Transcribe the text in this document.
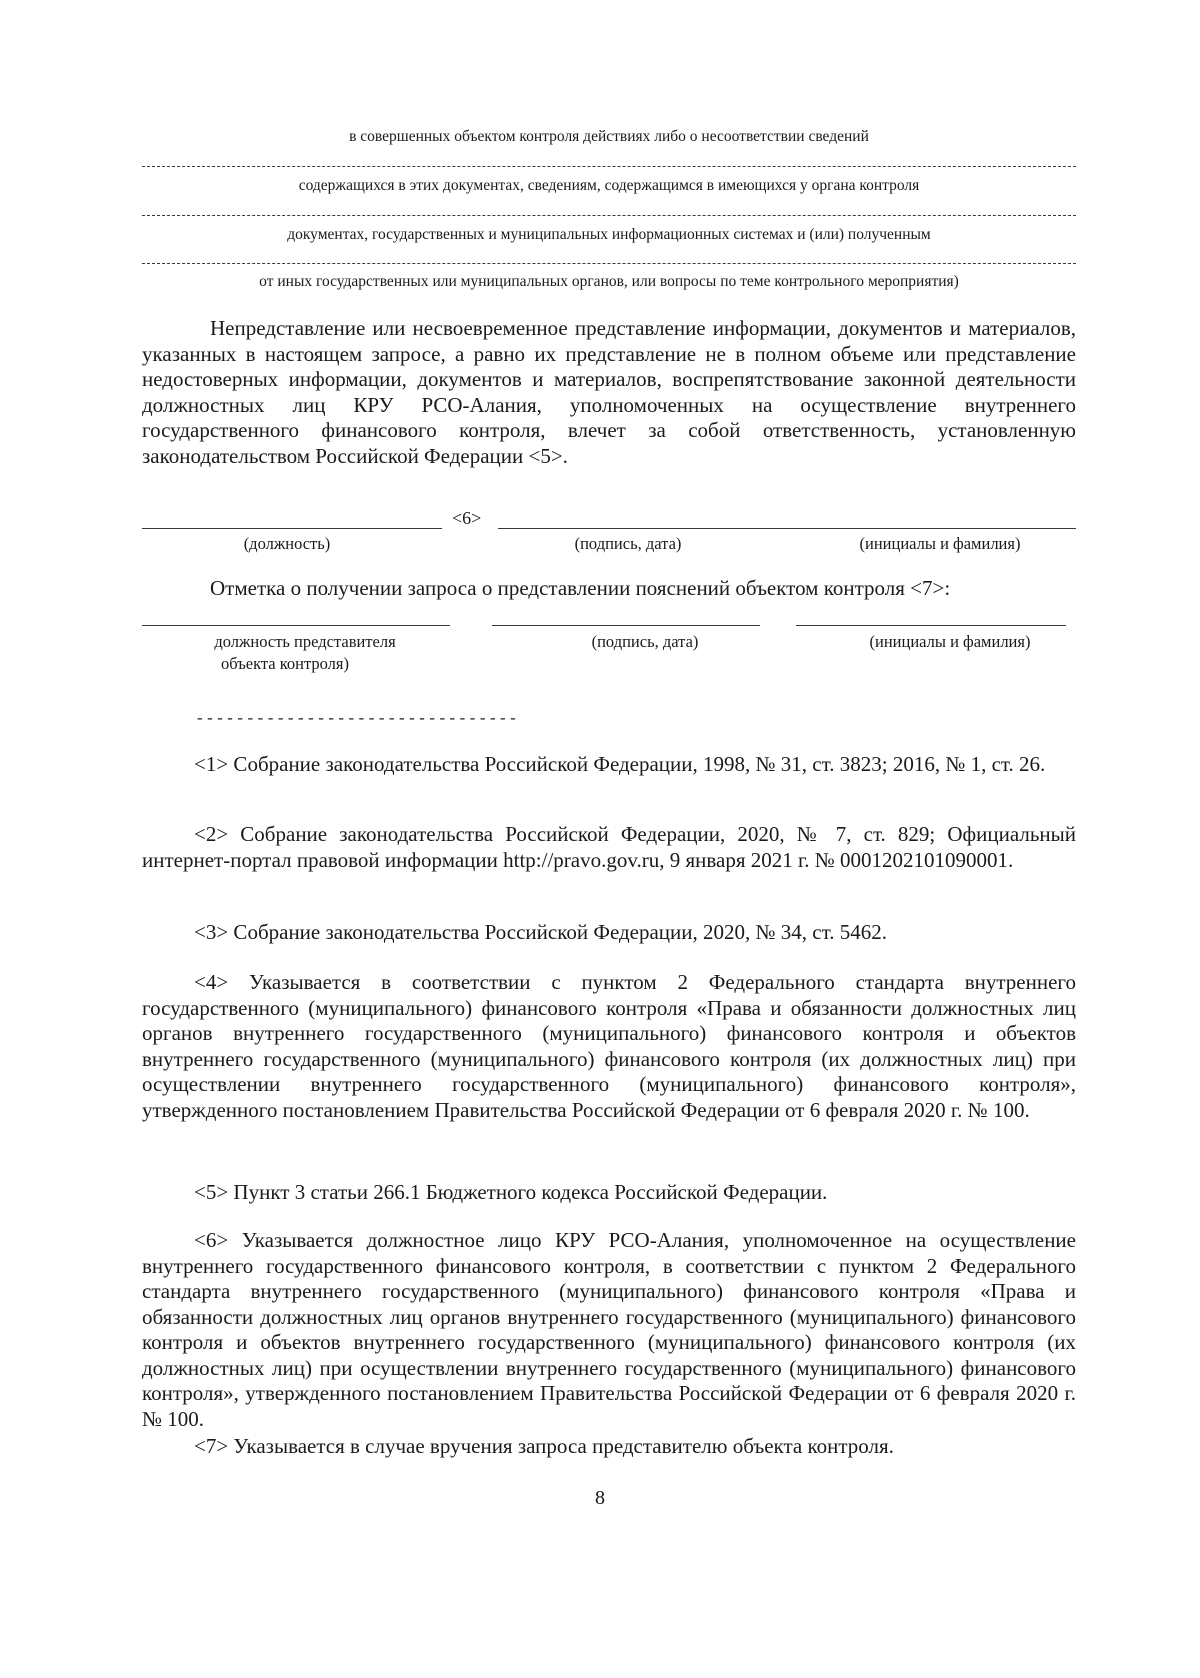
в совершенных объектом контроля действиях либо о несоответствии сведений
содержащихся в этих документах, сведениям, содержащимся в имеющихся у органа контроля
документах, государственных и муниципальных информационных системах и (или) полученным
от иных государственных или муниципальных органов, или вопросы по теме контрольного мероприятия)

Непредставление или несвоевременное представление информации, документов и материалов, указанных в настоящем запросе, а равно их представление не в полном объеме или представление недостоверных информации, документов и материалов, воспрепятствование законной деятельности должностных лиц КРУ РСО-Алания, уполномоченных на осуществление внутреннего государственного финансового контроля, влечет за собой ответственность, установленную законодательством Российской Федерации <5>.

<6>
(должность)	(подпись, дата)	(инициалы и фамилия)

Отметка о получении запроса о представлении пояснений объектом контроля <7>:

должность представителя
объекта контроля)
(подпись, дата)	(инициалы и фамилия)
--------------------------------

<1> Собрание законодательства Российской Федерации, 1998, № 31, ст. 3823; 2016, № 1, ст. 26.

<2> Собрание законодательства Российской Федерации, 2020, № 7, ст. 829; Официальный интернет-портал правовой информации http://pravo.gov.ru, 9 января 2021 г. № 0001202101090001.

<3> Собрание законодательства Российской Федерации, 2020, № 34, ст. 5462.

<4> Указывается в соответствии с пунктом 2 Федерального стандарта внутреннего государственного (муниципального) финансового контроля «Права и обязанности должностных лиц органов внутреннего государственного (муниципального) финансового контроля и объектов внутреннего государственного (муниципального) финансового контроля (их должностных лиц) при осуществлении внутреннего государственного (муниципального) финансового контроля», утвержденного постановлением Правительства Российской Федерации от 6 февраля 2020 г. № 100.

<5> Пункт 3 статьи 266.1 Бюджетного кодекса Российской Федерации.

<6> Указывается должностное лицо КРУ РСО-Алания, уполномоченное на осуществление внутреннего государственного финансового контроля, в соответствии с пунктом 2 Федерального стандарта внутреннего государственного (муниципального) финансового контроля «Права и обязанности должностных лиц органов внутреннего государственного (муниципального) финансового контроля и объектов внутреннего государственного (муниципального) финансового контроля (их должностных лиц) при осуществлении внутреннего государственного (муниципального) финансового контроля», утвержденного постановлением Правительства Российской Федерации от 6 февраля 2020 г. № 100.

<7> Указывается в случае вручения запроса представителю объекта контроля.

8
